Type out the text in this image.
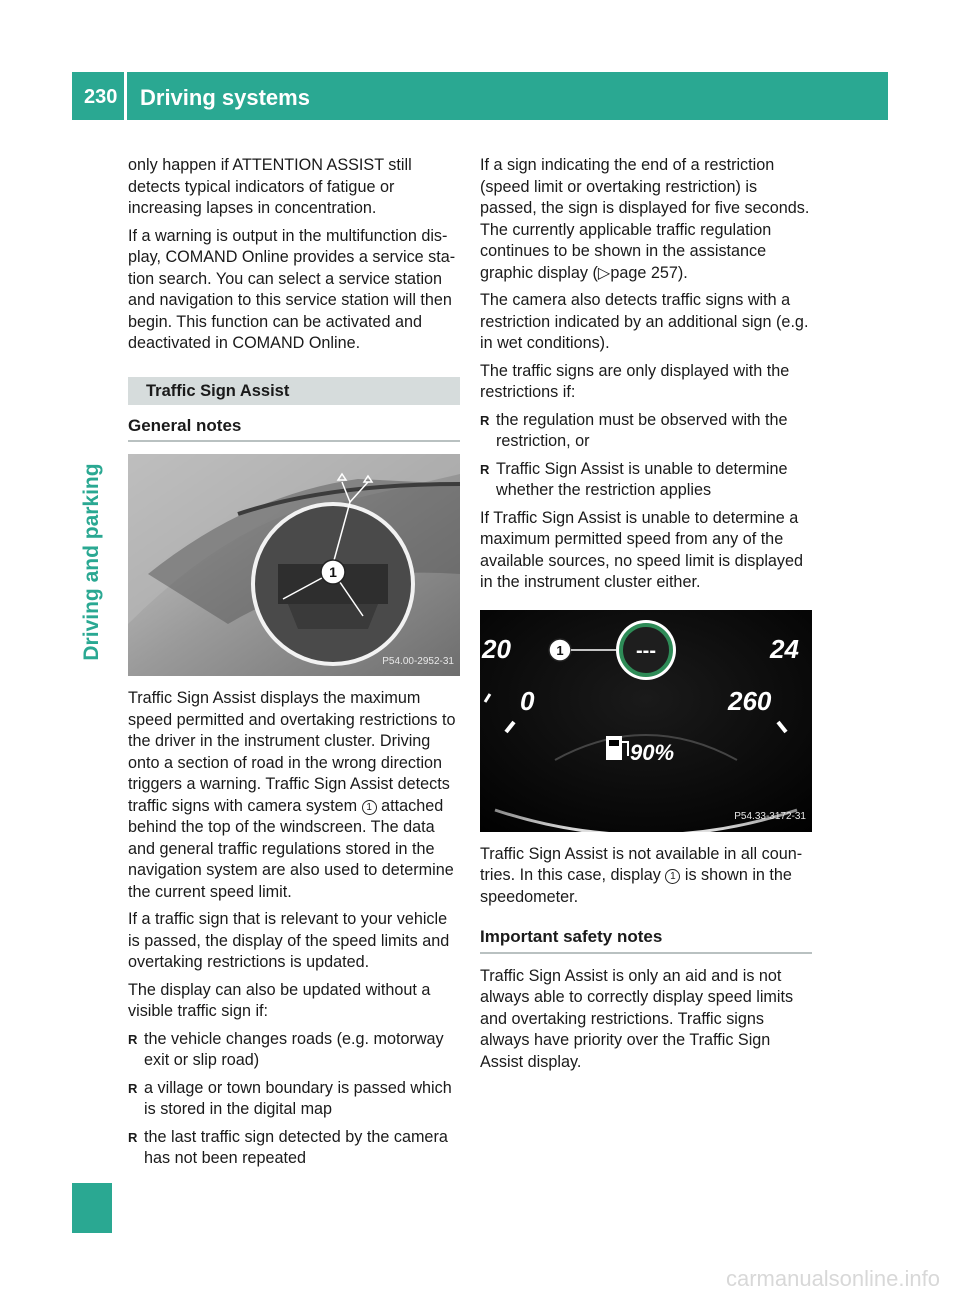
230 Driving systems
Driving and parking

only happen if ATTENTION ASSIST still detects typical indicators of fatigue or increasing lapses in concentration.

If a warning is output in the multifunction display, COMAND Online provides a service station search. You can select a service station and navigation to this service station will then begin. This function can be activated and deactivated in COMAND Online.

Traffic Sign Assist
General notes
1
P54.00-2952-31

Traffic Sign Assist displays the maximum speed permitted and overtaking restrictions to the driver in the instrument cluster. Driving onto a section of road in the wrong direction triggers a warning. Traffic Sign Assist detects traffic signs with camera system 1 attached behind the top of the windscreen. The data and general traffic regulations stored in the navigation system are also used to determine the current speed limit.

If a traffic sign that is relevant to your vehicle is passed, the display of the speed limits and overtaking restrictions is updated.

The display can also be updated without a visible traffic sign if:

R the vehicle changes roads (e.g. motorway exit or slip road)
R a village or town boundary is passed which is stored in the digital map
R the last traffic sign detected by the camera has not been repeated

If a sign indicating the end of a restriction (speed limit or overtaking restriction) is passed, the sign is displayed for five seconds. The currently applicable traffic regulation continues to be shown in the assistance graphic display (▷page 257).

The camera also detects traffic signs with a restriction indicated by an additional sign (e.g. in wet conditions).

The traffic signs are only displayed with the restrictions if:

R the regulation must be observed with the restriction, or
R Traffic Sign Assist is unable to determine whether the restriction applies

If Traffic Sign Assist is unable to determine a maximum permitted speed from any of the available sources, no speed limit is displayed in the instrument cluster either.

20
0
24
260
1	---
90%
P54.33-3172-31

Traffic Sign Assist is not available in all countries. In this case, display 1 is shown in the speedometer.

Important safety notes

Traffic Sign Assist is only an aid and is not always able to correctly display speed limits and overtaking restrictions. Traffic signs always have priority over the Traffic Sign Assist display.

carmanualsonline.info
